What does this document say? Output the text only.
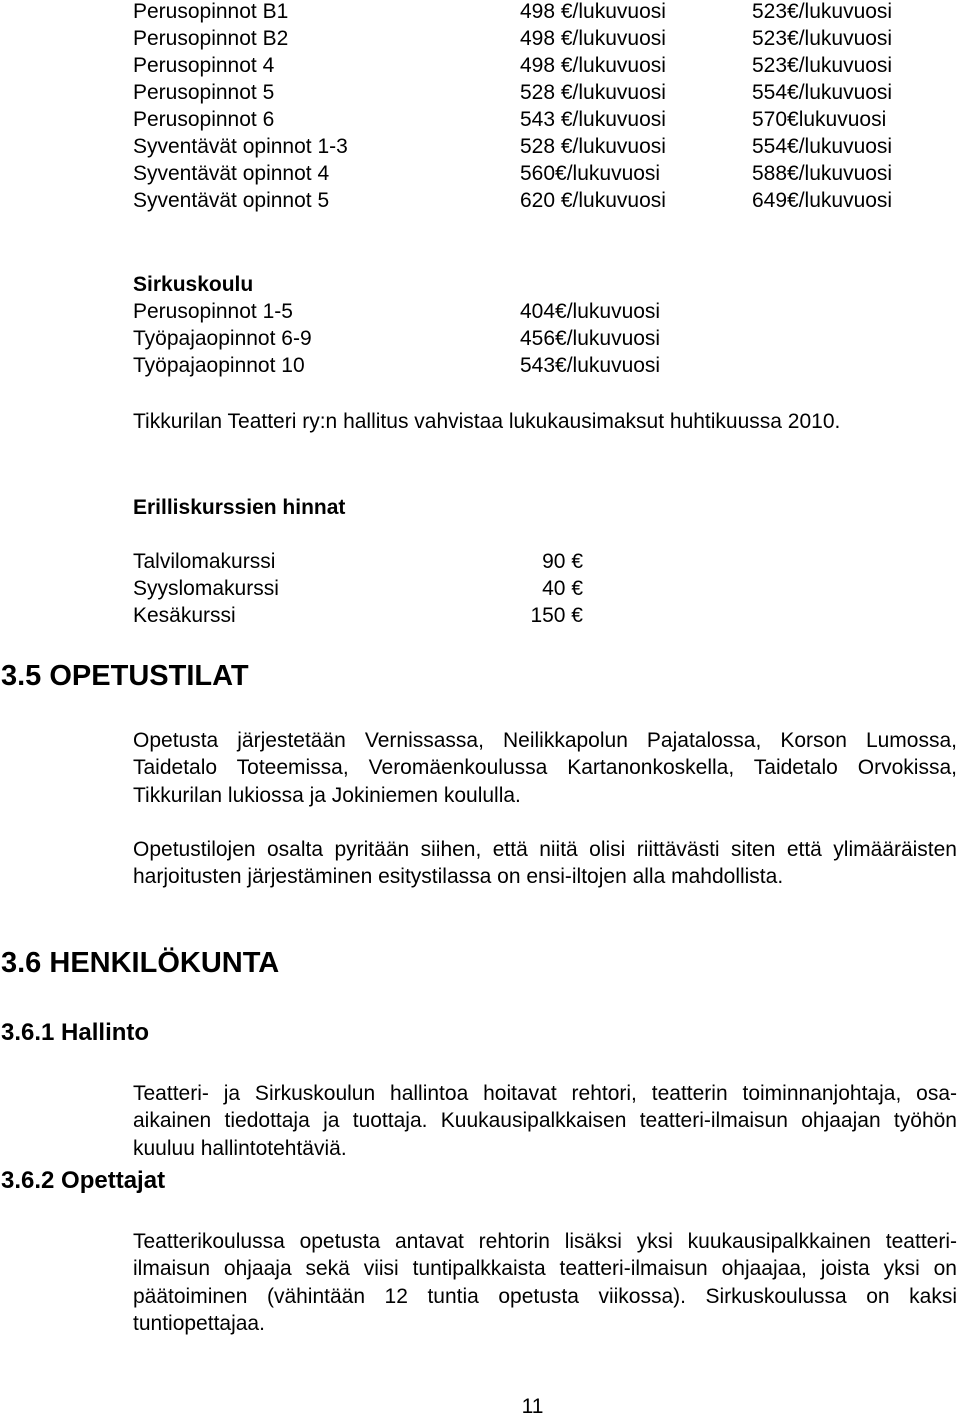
Perusopinnot B1	498 €/lukuvuosi	523€/lukuvuosi
Perusopinnot B2	498 €/lukuvuosi	523€/lukuvuosi
Perusopinnot 4	498 €/lukuvuosi	523€/lukuvuosi
Perusopinnot 5	528 €/lukuvuosi	554€/lukuvuosi
Perusopinnot 6	543 €/lukuvuosi	570€lukuvuosi
Syventävät opinnot 1-3	528 €/lukuvuosi	554€/lukuvuosi
Syventävät opinnot 4	560€/lukuvuosi	588€/lukuvuosi
Syventävät opinnot 5	620 €/lukuvuosi	649€/lukuvuosi
Sirkuskoulu
Perusopinnot 1-5	404€/lukuvuosi
Työpajaopinnot 6-9	456€/lukuvuosi
Työpajaopinnot 10	543€/lukuvuosi
Tikkurilan Teatteri ry:n hallitus vahvistaa lukukausimaksut huhtikuussa 2010.
Erilliskurssien hinnat
Talvilomakurssi	90 €
Syyslomakurssi	40 €
Kesäkurssi	150 €
3.5 OPETUSTILAT

Opetusta järjestetään Vernissassa, Neilikkapolun Pajatalossa, Korson Lumossa, Taidetalo Toteemissa, Veromäenkoulussa Kartanonkoskella, Taidetalo Orvokissa, Tikkurilan lukiossa ja Jokiniemen koululla.

Opetustilojen osalta pyritään siihen, että niitä olisi riittävästi siten että ylimääräisten harjoitusten järjestäminen esitystilassa on ensi-iltojen alla mahdollista.

3.6 HENKILÖKUNTA
3.6.1 Hallinto

Teatteri- ja Sirkuskoulun hallintoa hoitavat rehtori, teatterin toiminnanjohtaja, osa-aikainen tiedottaja ja tuottaja. Kuukausipalkkaisen teatteri-ilmaisun ohjaajan työhön kuuluu hallintotehtäviä.

3.6.2 Opettajat

Teatterikoulussa opetusta antavat rehtorin lisäksi yksi kuukausipalkkainen teatteri-ilmaisun ohjaaja sekä viisi tuntipalkkaista teatteri-ilmaisun ohjaajaa, joista yksi on päätoiminen (vähintään 12 tuntia opetusta viikossa). Sirkuskoulussa on kaksi tuntiopettajaa.

11
